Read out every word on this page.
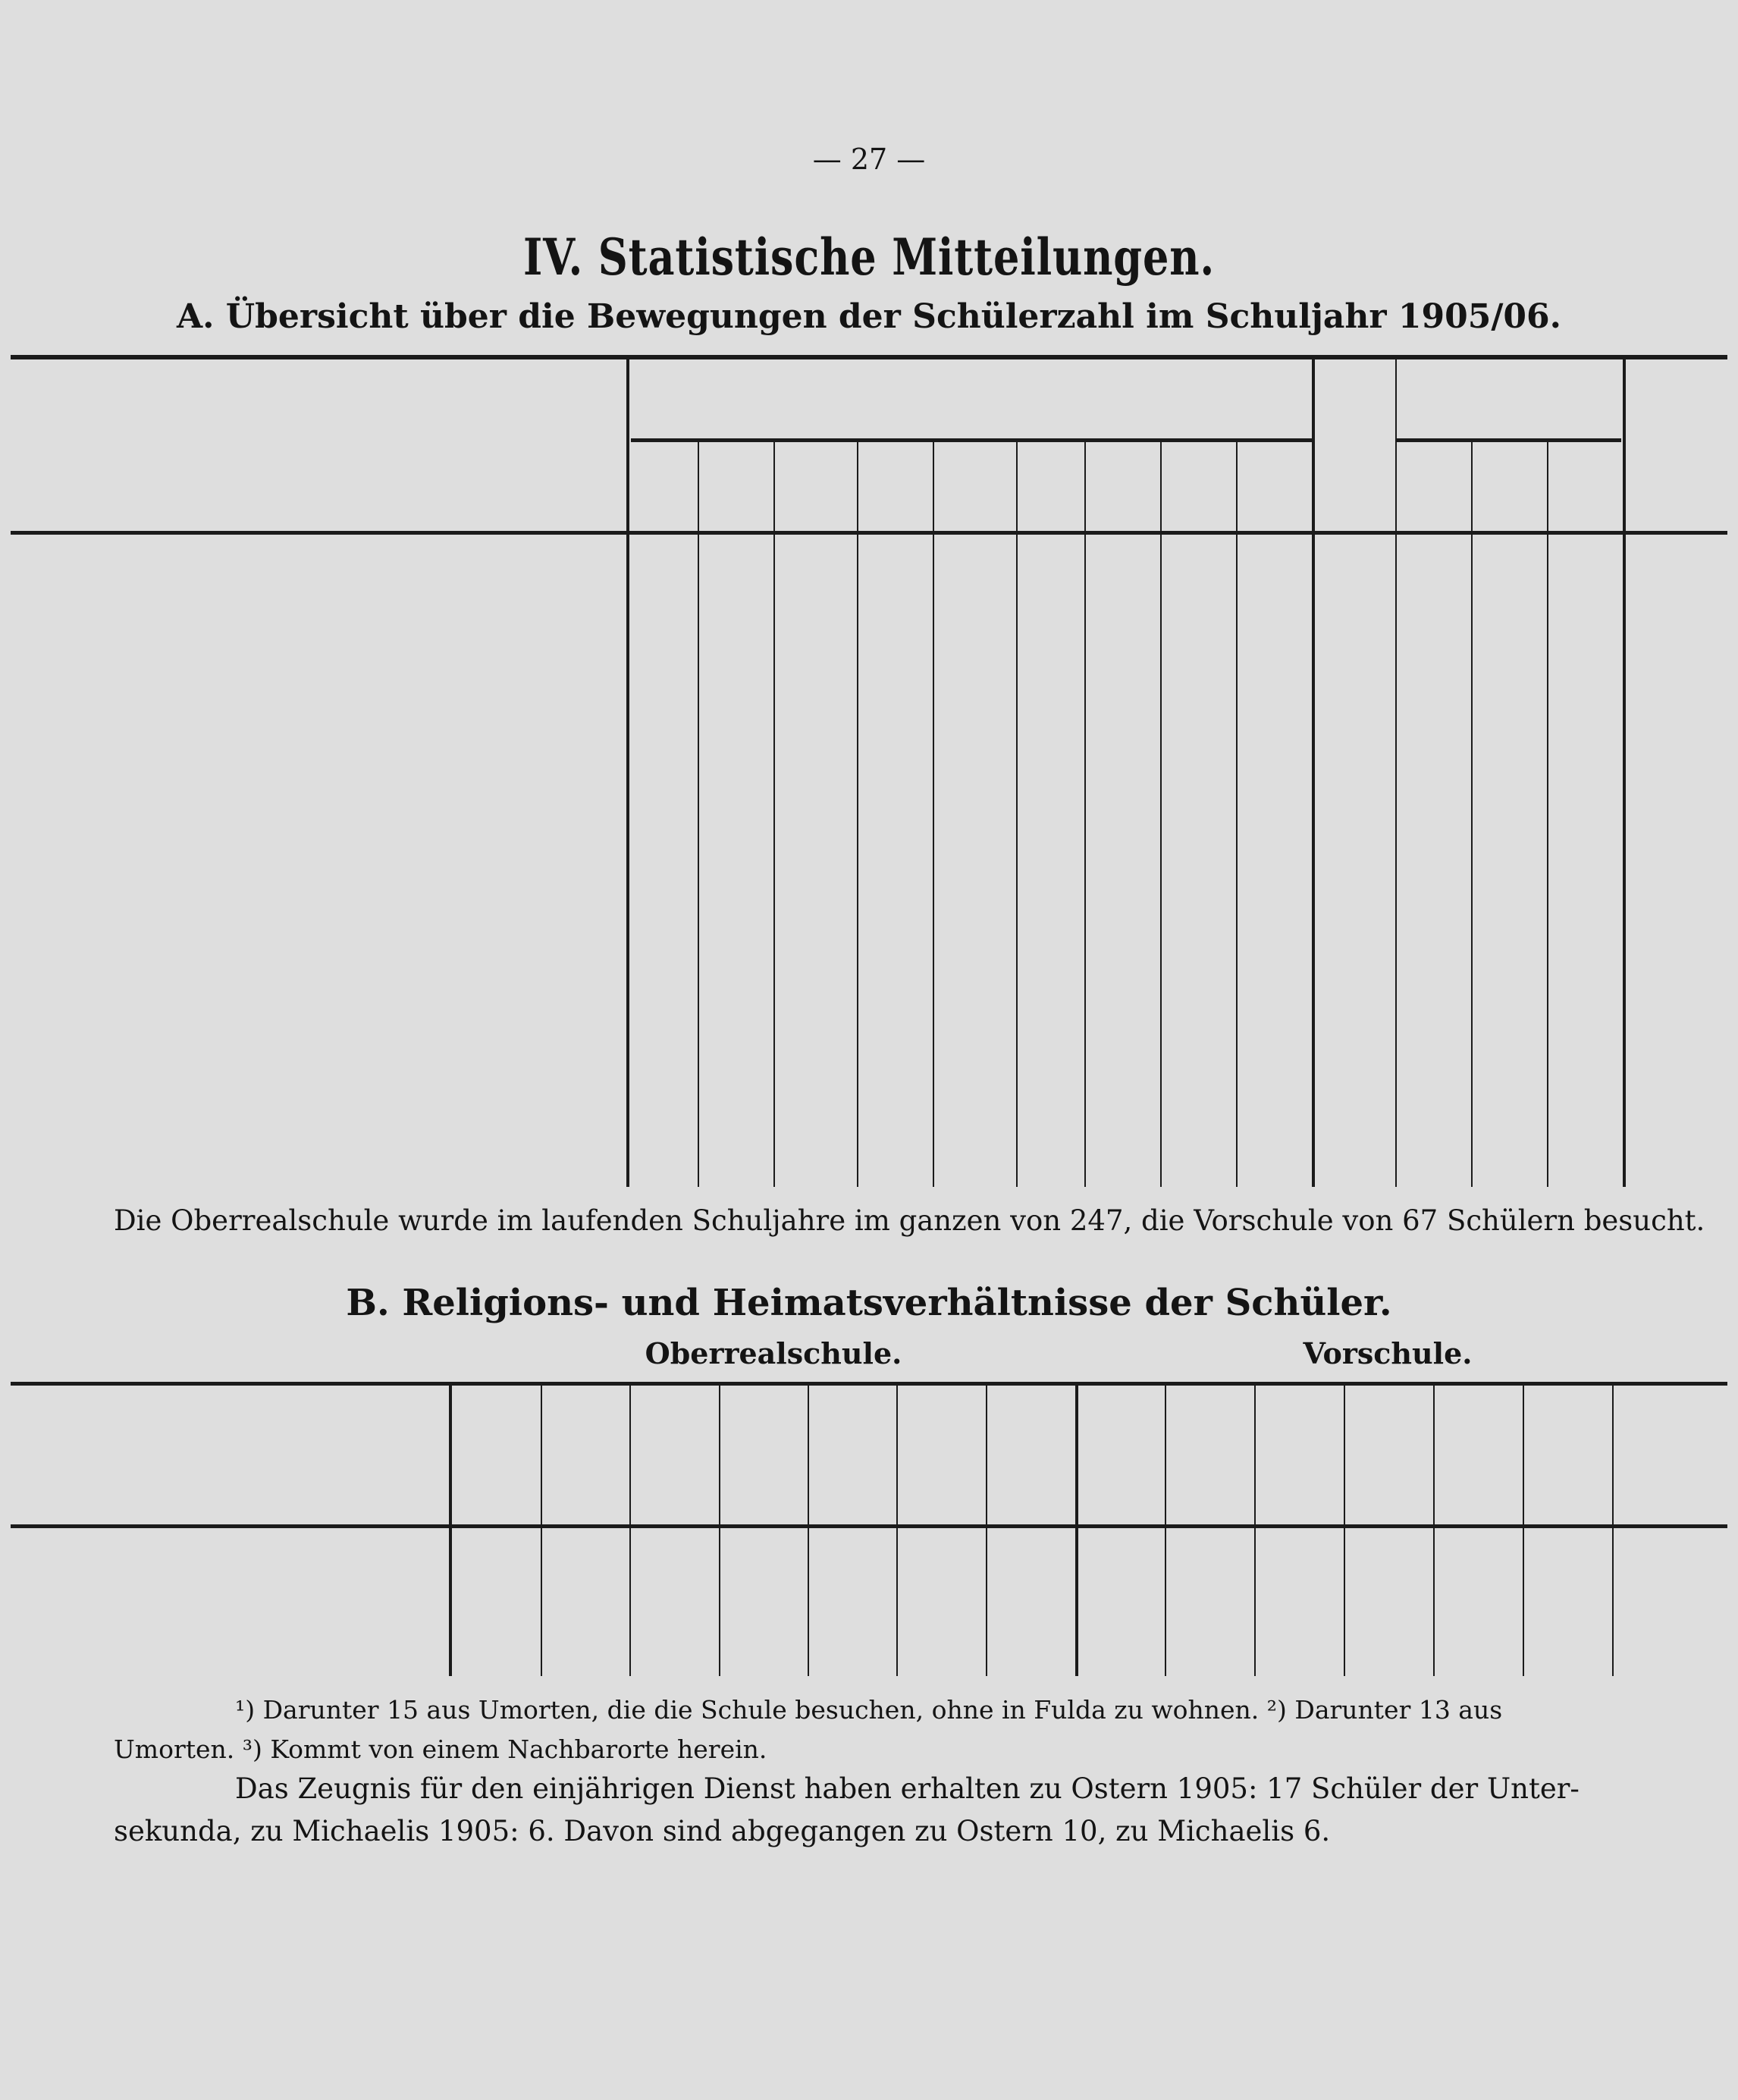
— 27 —
IV. Statistische Mitteilungen.
A. Übersicht über die Bewegungen der Schülerzahl im Schuljahr 1905/06.
Die Oberrealschule wurde im laufenden Schuljahre im ganzen von 247, die Vorschule von 67 Schülern besucht.
B. Religions- und Heimatsverhältnisse der Schüler.
Oberrealschule.	Vorschule.
¹) Darunter 15 aus Umorten, die die Schule besuchen, ohne in Fulda zu wohnen. ²) Darunter 13 aus
Umorten. ³) Kommt von einem Nachbarorte herein.
Das Zeugnis für den einjährigen Dienst haben erhalten zu Ostern 1905: 17 Schüler der Unter-
sekunda, zu Michaelis 1905: 6. Davon sind abgegangen zu Ostern 10, zu Michaelis 6.
